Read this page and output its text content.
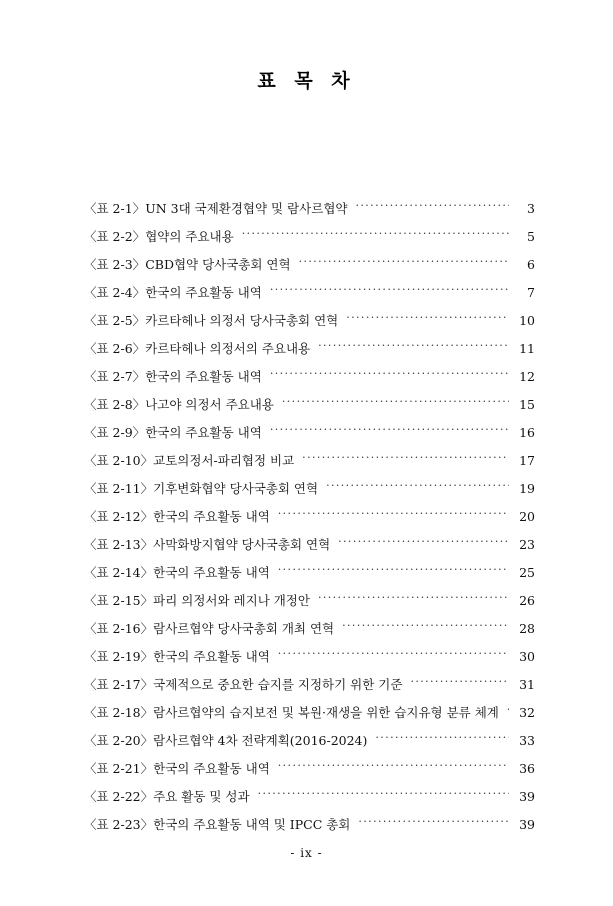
표 목 차
〈표 2-1〉 UN 3대 국제환경협약 및 람사르협약 ·····	3
〈표 2-2〉 협약의 주요내용 ·····	5
〈표 2-3〉 CBD협약 당사국총회 연혁 ·····	6
〈표 2-4〉 한국의 주요활동 내역 ·····	7
〈표 2-5〉 카르타헤나 의정서 당사국총회 연혁 ·····	10
〈표 2-6〉 카르타헤나 의정서의 주요내용 ·····	11
〈표 2-7〉 한국의 주요활동 내역 ·····	12
〈표 2-8〉 나고야 의정서 주요내용 ·····	15
〈표 2-9〉 한국의 주요활동 내역 ·····	16
〈표 2-10〉 교토의정서-파리협정 비교 ·····	17
〈표 2-11〉 기후변화협약 당사국총회 연혁 ·····	19
〈표 2-12〉 한국의 주요활동 내역 ·····	20
〈표 2-13〉 사막화방지협약 당사국총회 연혁 ·····	23
〈표 2-14〉 한국의 주요활동 내역 ·····	25
〈표 2-15〉 파리 의정서와 레지나 개정안 ·····	26
〈표 2-16〉 람사르협약 당사국총회 개최 연혁 ·····	28
〈표 2-19〉 한국의 주요활동 내역 ·····	30
〈표 2-17〉 국제적으로 중요한 습지를 지정하기 위한 기준 ·····	31
〈표 2-18〉 람사르협약의 습지보전 및 복원·재생을 위한 습지유형 분류 체계 ·····	32
〈표 2-20〉 람사르협약 4차 전략계획(2016-2024) ·····	33
〈표 2-21〉 한국의 주요활동 내역 ·····	36
〈표 2-22〉 주요 활동 및 성과 ·····	39
〈표 2-23〉 한국의 주요활동 내역 및 IPCC 총회 ·····	39
- ix -
